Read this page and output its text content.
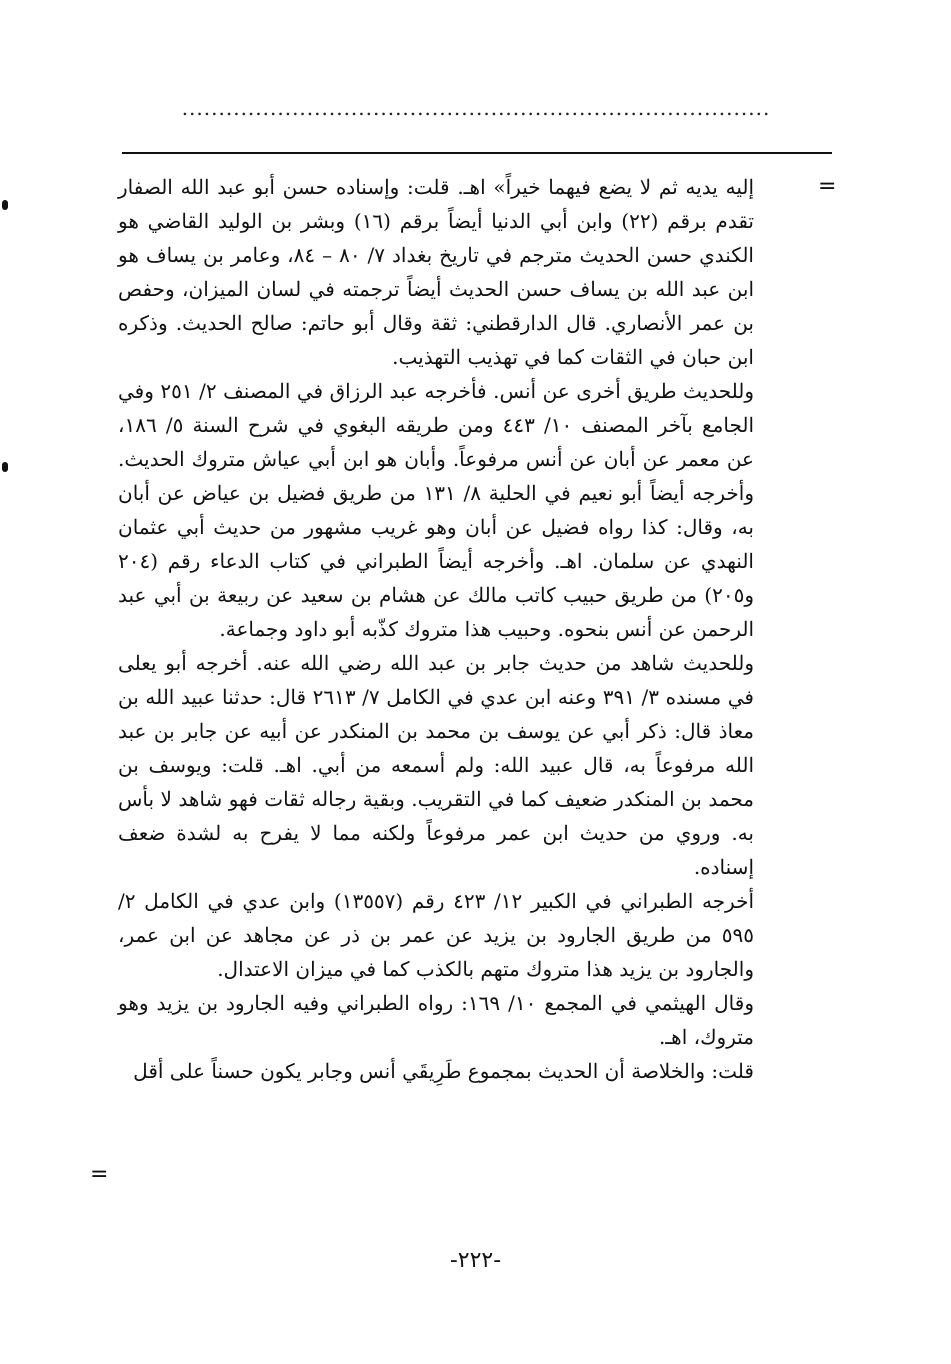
................................................................................
=
=

إليه يديه ثم لا يضع فيهما خيراً» اهـ. قلت: وإسناده حسن أبو عبد الله الصفار تقدم برقم (٢٢) وابن أبي الدنيا أيضاً برقم (١٦) وبشر بن الوليد القاضي هو الكندي حسن الحديث مترجم في تاريخ بغداد ٧/ ٨٠ – ٨٤، وعامر بن يساف هو ابن عبد الله بن يساف حسن الحديث أيضاً ترجمته في لسان الميزان، وحفص بن عمر الأنصاري. قال الدارقطني: ثقة وقال أبو حاتم: صالح الحديث. وذكره ابن حبان في الثقات كما في تهذيب التهذيب.

وللحديث طريق أخرى عن أنس. فأخرجه عبد الرزاق في المصنف ٢/ ٢٥١ وفي الجامع بآخر المصنف ١٠/ ٤٤٣ ومن طريقه البغوي في شرح السنة ٥/ ١٨٦، عن معمر عن أبان عن أنس مرفوعاً. وأبان هو ابن أبي عياش متروك الحديث. وأخرجه أيضاً أبو نعيم في الحلية ٨/ ١٣١ من طريق فضيل بن عياض عن أبان به، وقال: كذا رواه فضيل عن أبان وهو غريب مشهور من حديث أبي عثمان النهدي عن سلمان. اهـ. وأخرجه أيضاً الطبراني في كتاب الدعاء رقم (٢٠٤ و٢٠٥) من طريق حبيب كاتب مالك عن هشام بن سعيد عن ربيعة بن أبي عبد الرحمن عن أنس بنحوه. وحبيب هذا متروك كذّبه أبو داود وجماعة.

وللحديث شاهد من حديث جابر بن عبد الله رضي الله عنه. أخرجه أبو يعلى في مسنده ٣/ ٣٩١ وعنه ابن عدي في الكامل ٧/ ٢٦١٣ قال: حدثنا عبيد الله بن معاذ قال: ذكر أبي عن يوسف بن محمد بن المنكدر عن أبيه عن جابر بن عبد الله مرفوعاً به، قال عبيد الله: ولم أسمعه من أبي. اهـ. قلت: ويوسف بن محمد بن المنكدر ضعيف كما في التقريب. وبقية رجاله ثقات فهو شاهد لا بأس به. وروي من حديث ابن عمر مرفوعاً ولكنه مما لا يفرح به لشدة ضعف إسناده.

أخرجه الطبراني في الكبير ١٢/ ٤٢٣ رقم (١٣٥٥٧) وابن عدي في الكامل ٢/ ٥٩٥ من طريق الجارود بن يزيد عن عمر بن ذر عن مجاهد عن ابن عمر، والجارود بن يزيد هذا متروك متهم بالكذب كما في ميزان الاعتدال.

وقال الهيثمي في المجمع ١٠/ ١٦٩: رواه الطبراني وفيه الجارود بن يزيد وهو متروك، اهـ.

قلت: والخلاصة أن الحديث بمجموع طَرِيقَي أنس وجابر يكون حسناً على أقل

-٢٢٢-
